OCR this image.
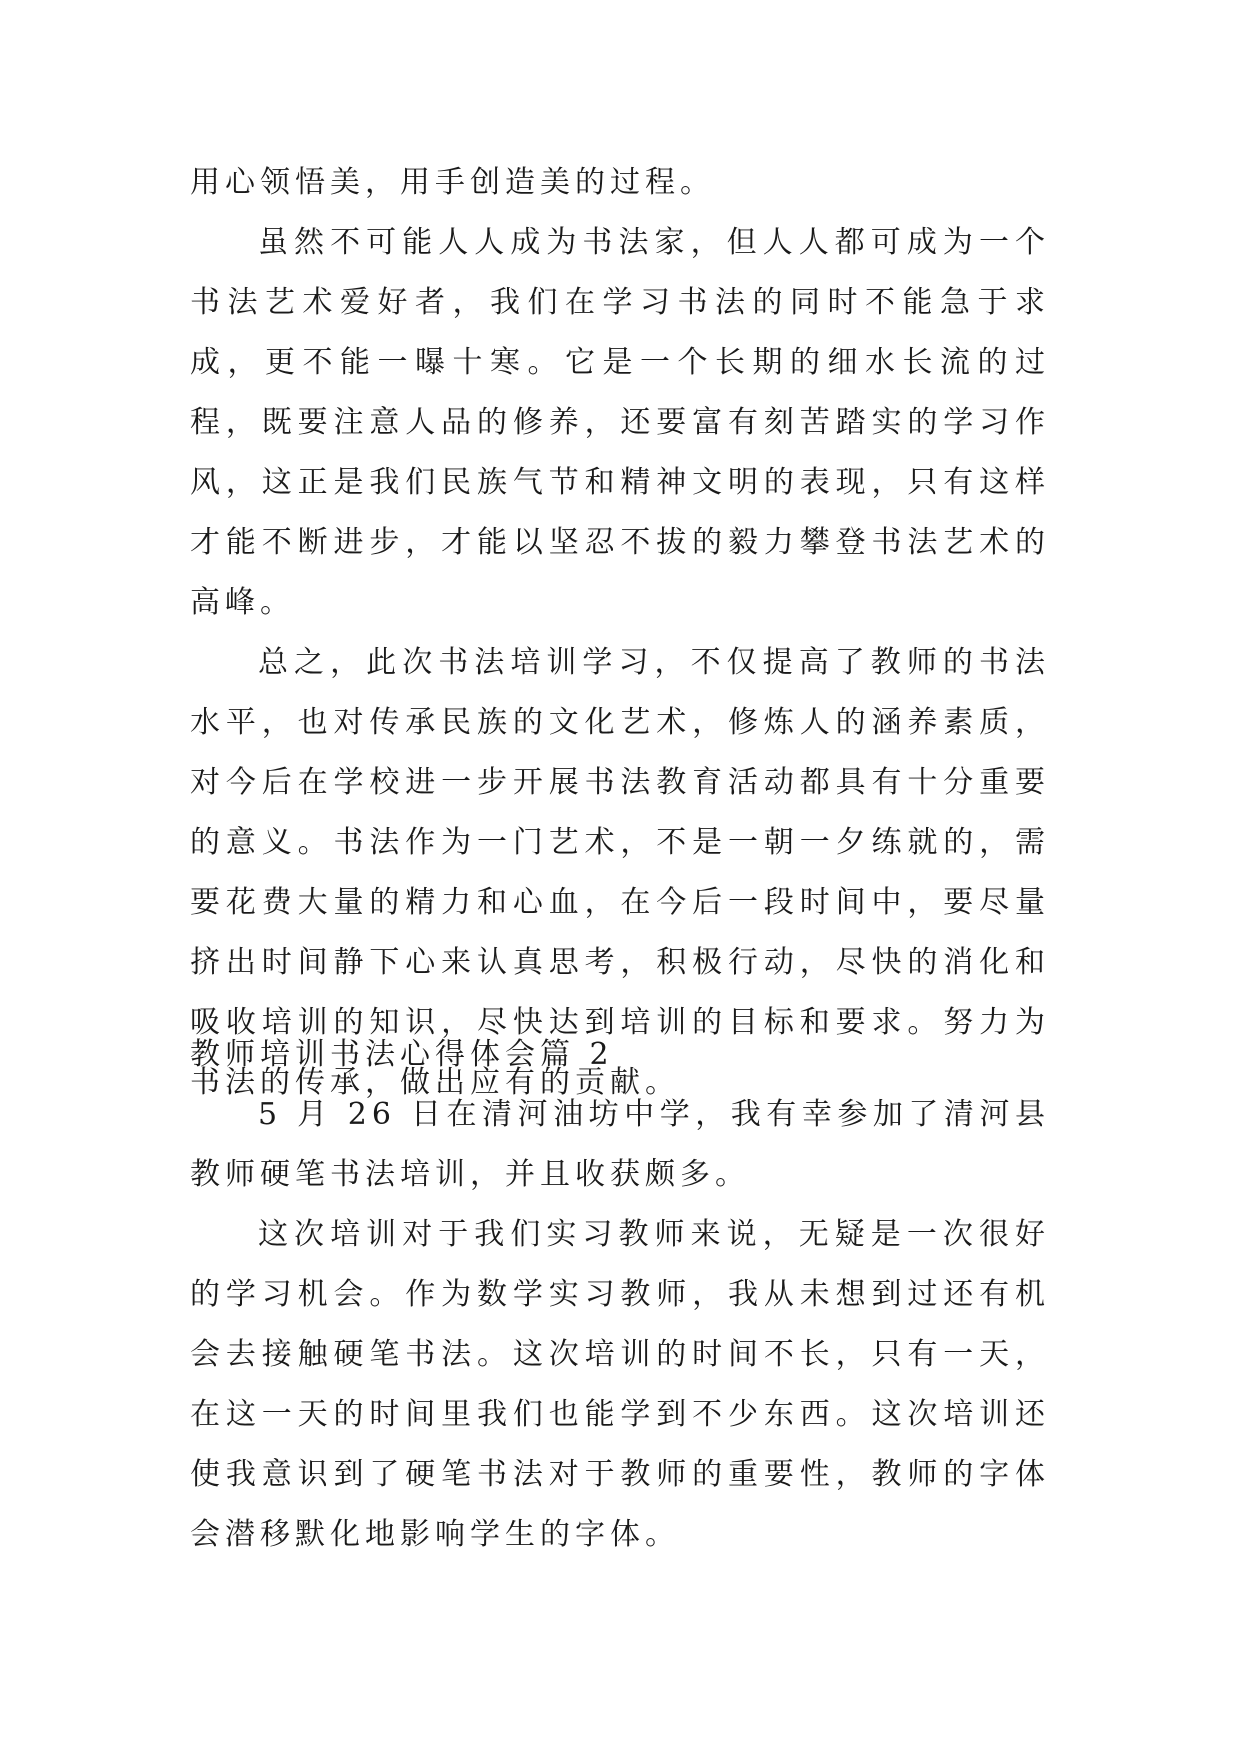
用心领悟美，用手创造美的过程。

虽然不可能人人成为书法家，但人人都可成为一个书法艺术爱好者，我们在学习书法的同时不能急于求成，更不能一曝十寒。它是一个长期的细水长流的过程，既要注意人品的修养，还要富有刻苦踏实的学习作风，这正是我们民族气节和精神文明的表现，只有这样才能不断进步，才能以坚忍不拔的毅力攀登书法艺术的高峰。

总之，此次书法培训学习，不仅提高了教师的书法水平，也对传承民族的文化艺术，修炼人的涵养素质，对今后在学校进一步开展书法教育活动都具有十分重要的意义。书法作为一门艺术，不是一朝一夕练就的，需要花费大量的精力和心血，在今后一段时间中，要尽量挤出时间静下心来认真思考，积极行动，尽快的消化和吸收培训的知识，尽快达到培训的目标和要求。努力为书法的传承，做出应有的贡献。

教师培训书法心得体会篇 2

5 月 26 日在清河油坊中学，我有幸参加了清河县教师硬笔书法培训，并且收获颇多。

这次培训对于我们实习教师来说，无疑是一次很好的学习机会。作为数学实习教师，我从未想到过还有机会去接触硬笔书法。这次培训的时间不长，只有一天，在这一天的时间里我们也能学到不少东西。这次培训还使我意识到了硬笔书法对于教师的重要性，教师的字体会潜移默化地影响学生的字体。
